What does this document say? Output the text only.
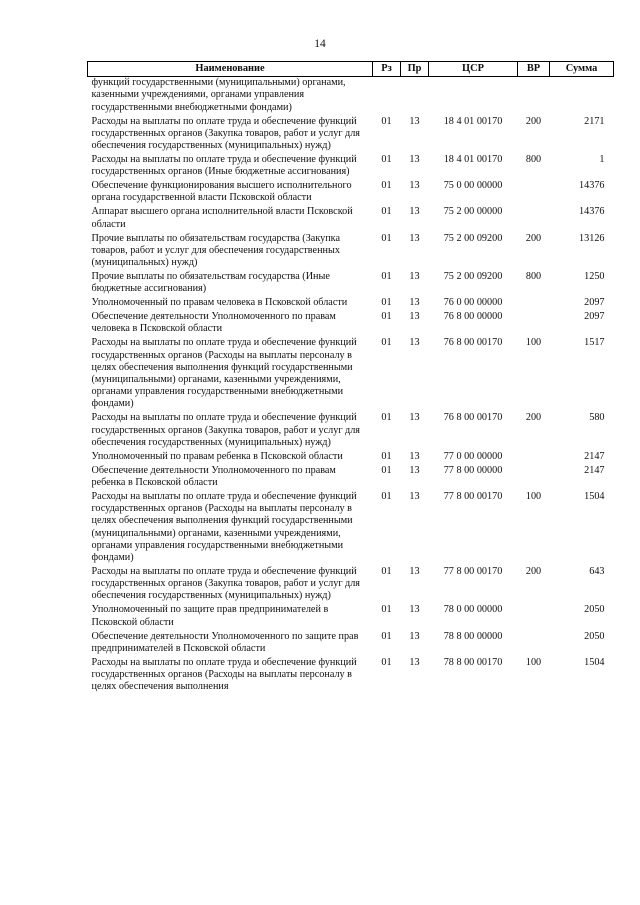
14
Наименование	Рз	Пр	ЦСР	ВР	Сумма
функций государственными (муниципальными) органами, казенными учреждениями, органами управления государственными внебюджетными фондами)					
Расходы на выплаты по оплате труда и обеспечение функций государственных органов (Закупка товаров, работ и услуг для обеспечения государственных (муниципальных) нужд)	01	13	18 4 01 00170	200	2171
Расходы на выплаты по оплате труда и обеспечение функций государственных органов (Иные бюджетные ассигнования)	01	13	18 4 01 00170	800	1
Обеспечение функционирования высшего исполнительного органа государственной власти Псковской области	01	13	75 0 00 00000		14376
Аппарат высшего органа исполнительной власти Псковской области	01	13	75 2 00 00000		14376
Прочие выплаты по обязательствам государства (Закупка товаров, работ и услуг для обеспечения государственных (муниципальных) нужд)	01	13	75 2 00 09200	200	13126
Прочие выплаты по обязательствам государства (Иные бюджетные ассигнования)	01	13	75 2 00 09200	800	1250
Уполномоченный по правам человека в Псковской области	01	13	76 0 00 00000		2097
Обеспечение деятельности Уполномоченного по правам человека в Псковской области	01	13	76 8 00 00000		2097
Расходы на выплаты по оплате труда и обеспечение функций государственных органов (Расходы на выплаты персоналу в целях обеспечения выполнения функций государственными (муниципальными) органами, казенными учреждениями, органами управления государственными внебюджетными фондами)	01	13	76 8 00 00170	100	1517
Расходы на выплаты по оплате труда и обеспечение функций государственных органов (Закупка товаров, работ и услуг для обеспечения государственных (муниципальных) нужд)	01	13	76 8 00 00170	200	580
Уполномоченный по правам ребенка в Псковской области	01	13	77 0 00 00000		2147
Обеспечение деятельности Уполномоченного по правам ребенка в Псковской области	01	13	77 8 00 00000		2147
Расходы на выплаты по оплате труда и обеспечение функций государственных органов (Расходы на выплаты персоналу в целях обеспечения выполнения функций государственными (муниципальными) органами, казенными учреждениями, органами управления государственными внебюджетными фондами)	01	13	77 8 00 00170	100	1504
Расходы на выплаты по оплате труда и обеспечение функций государственных органов (Закупка товаров, работ и услуг для обеспечения государственных (муниципальных) нужд)	01	13	77 8 00 00170	200	643
Уполномоченный по защите прав предпринимателей в Псковской области	01	13	78 0 00 00000		2050
Обеспечение деятельности Уполномоченного по защите прав предпринимателей в Псковской области	01	13	78 8 00 00000		2050
Расходы на выплаты по оплате труда и обеспечение функций государственных органов (Расходы на выплаты персоналу в целях обеспечения выполнения	01	13	78 8 00 00170	100	1504
